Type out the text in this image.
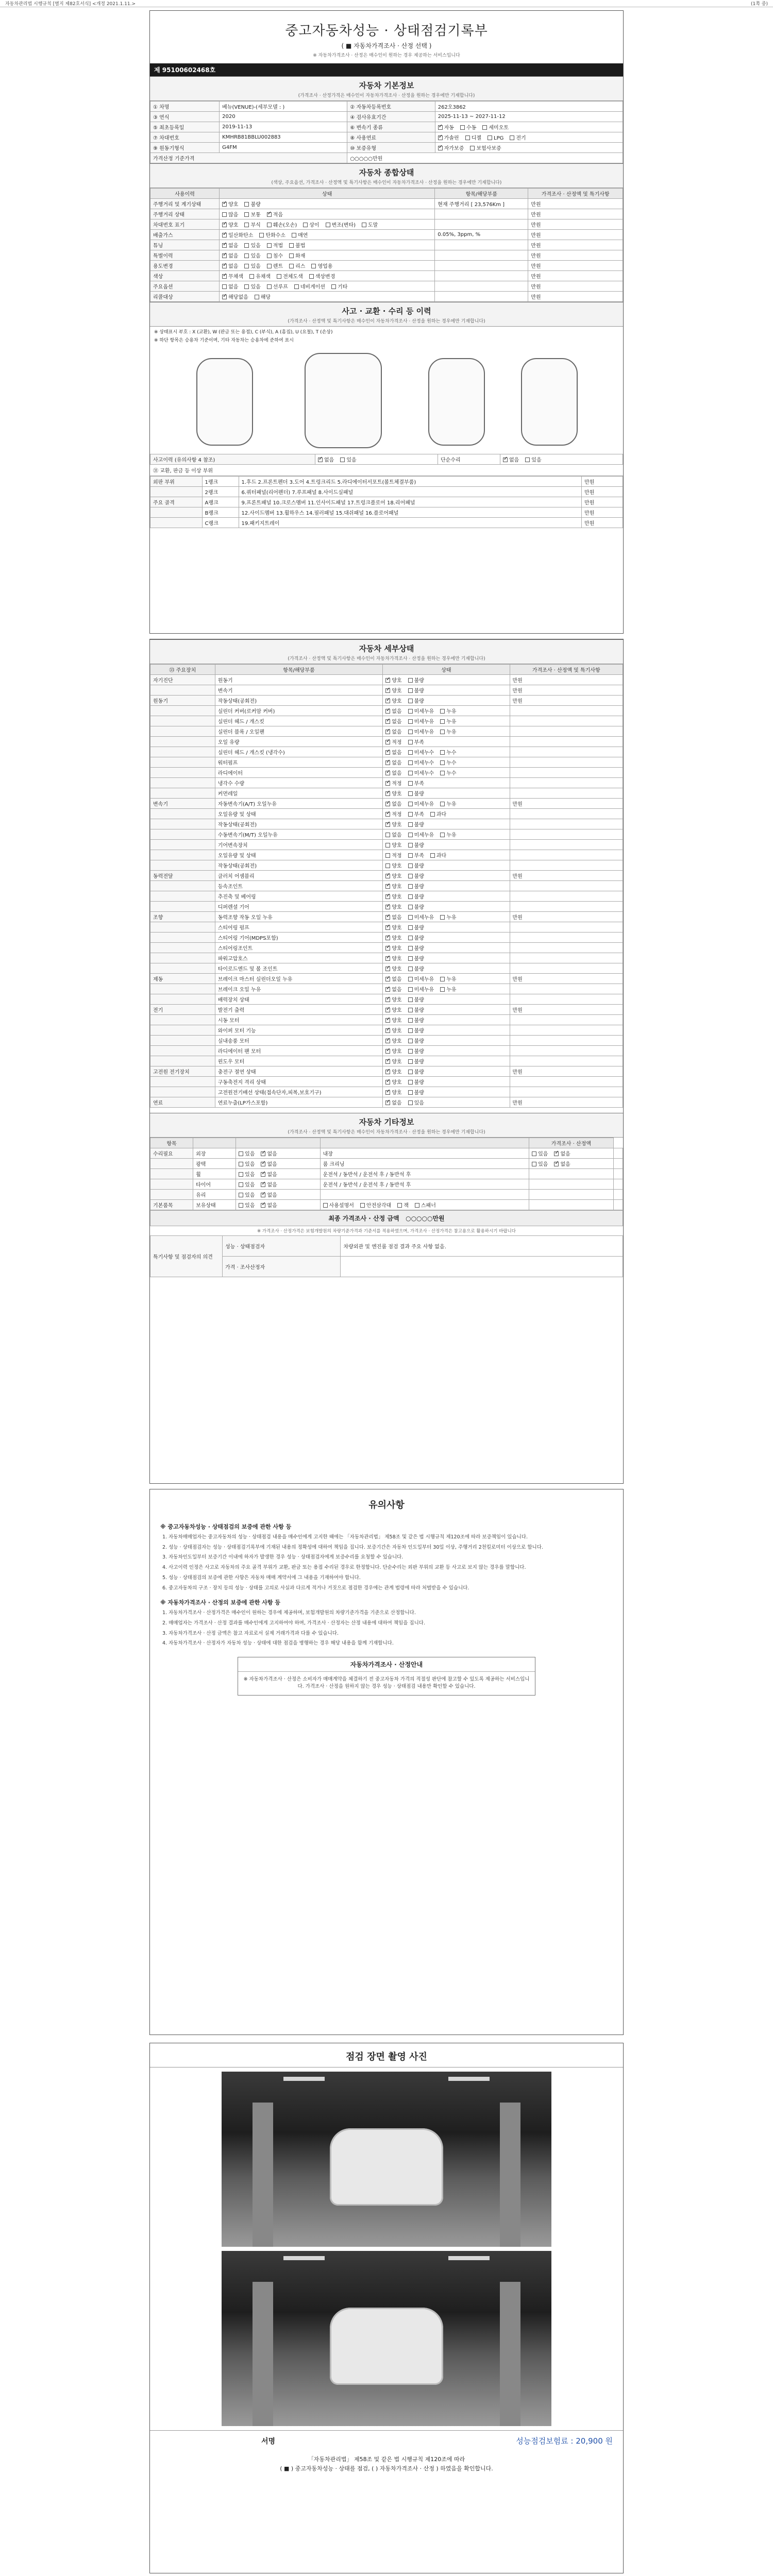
자동차관리법 시행규칙 [별지 제82호서식] <개정 2021.1.11.>	(1쪽 중)
중고자동차성능 · 상태점검기록부
( ■ 자동차가격조사 · 산정 선택 )
※ 자동차가격조사 · 산정은 매수인이 원하는 경우 제공하는 서비스입니다
제 95100602468호
자동차 기본정보
(가격조사 · 산정가격은 매수인이 자동차가격조사 · 산정을 원하는 경우에만 기재합니다)
① 차명	베뉴(VENUE)-(세부모델 : )	② 자동차등록번호	262오3862
③ 연식	2020	④ 검사유효기간	2025-11-13 ~ 2027-11-12
⑤ 최초등록일	2019-11-13	⑥ 변속기 종류	✓자동 수동 세미오토
⑦ 차대번호	KMHRB81BBLU002883	⑧ 사용연료	✓가솔린 디젤 LPG 전기
⑨ 원동기형식	G4FM	⑩ 보증유형	✓자가보증 보험사보증
가격산정 기준가격		○○○○○만원	
자동차 종합상태
(색상, 주요옵션, 가격조사 · 산정액 및 특기사항은 매수인이 자동차가격조사 · 산정을 원하는 경우에만 기재합니다)
사용이력	상태	항목/해당부품	가격조사 · 산정액 및 특기사항
주행거리 및 계기상태	✓양호 불량	현재 주행거리 [ 23,576Km ]	만원
주행거리 상태	많음 보통 ✓ 적음		만원
차대번호 표기	✓양호 부식 훼손(오손) 상이 변조(변타) 도말		만원
배출가스	✓일산화탄소 탄화수소 매연	0.05%, 3ppm, %	만원
튜닝	✓없음 있음 적법 불법		만원
특별이력	✓없음 있음 침수 화재		만원
용도변경	✓없음 있음 렌트 리스 영업용		만원
색상	✓무채색 유채색 전체도색 색상변경		만원
주요옵션	없음 있음 선루프 네비게이션 기타		만원
리콜대상	✓해당없음 해당		만원
사고 · 교환 · 수리 등 이력
(가격조사 · 산정액 및 특기사항은 매수인이 자동차가격조사 · 산정을 원하는 경우에만 기재합니다)
※ 상태표시 부호 : X (교환), W (판금 또는 용접), C (부식), A (흠집), U (요철), T (손상)
※ 하단 항목은 승용차 기준이며, 기타 자동차는 승용차에 준하여 표시
사고이력 (유의사항 4 참조)	✓없음 있음	단순수리	✓없음 있음
㉛ 교환, 판금 등 이상 부위
외판 부위	1랭크	1.후드 2.프론트펜더 3.도어 4.트렁크리드 5.라디에이터서포트(볼트체결부품)	만원
	2랭크	6.쿼터패널(리어펜더) 7.루프패널 8.사이드실패널	만원
주요 골격	A랭크	9.프론트패널 10.크로스멤버 11.인사이드패널 17.트렁크플로어 18.리어패널	만원
	B랭크	12.사이드멤버 13.휠하우스 14.필러패널 15.대쉬패널 16.플로어패널	만원
	C랭크	19.패키지트레이	만원
자동차 세부상태
(가격조사 · 산정액 및 특기사항은 매수인이 자동차가격조사 · 산정을 원하는 경우에만 기재합니다)
㉝ 주요장치	항목/해당부품	상태	가격조사 · 산정액 및 특기사항
자기진단	원동기	✓양호 불량	만원
	변속기	✓양호 불량	만원
원동기	작동상태(공회전)	✓양호 불량	만원
	실린더 커버(로커암 커버)	✓없음 미세누유 누유	
	실린더 헤드 / 개스킷	✓없음 미세누유 누유	
	실린더 블록 / 오일팬	✓없음 미세누유 누유	
	오일 유량	✓적정 부족	
	실린더 헤드 / 개스킷 (냉각수)	✓없음 미세누수 누수	
	워터펌프	✓없음 미세누수 누수	
	라디에이터	✓없음 미세누수 누수	
	냉각수 수량	✓적정 부족	
	커먼레일	✓양호 불량	
변속기	자동변속기(A/T) 오일누유	✓없음 미세누유 누유	만원
	오일유량 및 상태	✓적정 부족 과다	
	작동상태(공회전)	✓양호 불량	
	수동변속기(M/T) 오일누유	없음 미세누유 누유	
	기어변속장치	양호 불량	
	오일유량 및 상태	적정 부족 과다	
	작동상태(공회전)	양호 불량	
동력전달	클러치 어셈블리	✓양호 불량	만원
	등속조인트	✓양호 불량	
	추진축 및 베어링	✓양호 불량	
	디퍼렌셜 기어	✓양호 불량	
조향	동력조향 작동 오일 누유	✓없음 미세누유 누유	만원
	스티어링 펌프	✓양호 불량	
	스티어링 기어(MDPS포함)	✓양호 불량	
	스티어링조인트	✓양호 불량	
	파워고압호스	✓양호 불량	
	타이로드엔드 및 볼 조인트	✓양호 불량	
제동	브레이크 마스터 실린더오일 누유	✓없음 미세누유 누유	만원
	브레이크 오일 누유	✓없음 미세누유 누유	
	배력장치 상태	✓양호 불량	
전기	발전기 출력	✓양호 불량	만원
	시동 모터	✓양호 불량	
	와이퍼 모터 기능	✓양호 불량	
	실내송풍 모터	✓양호 불량	
	라디에이터 팬 모터	✓양호 불량	
	윈도우 모터	✓양호 불량	
고전원 전기장치	충전구 절연 상태	✓양호 불량	만원
	구동축전지 격리 상태	✓양호 불량	
	고전원전기배선 상태(접속단자,피복,보호기구)	✓양호 불량	
연료	연료누출(LP가스포함)	✓없음 있음	만원
자동차 기타정보
(가격조사 · 산정액 및 특기사항은 매수인이 자동차가격조사 · 산정을 원하는 경우에만 기재합니다)
항목				가격조사 · 산정액	
수리필요	외장	있음 ✓ 없음	내장	있음 ✓ 없음	
	광택	있음 ✓ 없음	룸 크리닝	있음 ✓ 없음	
	휠	있음 ✓ 없음	운전석 / 동반석 / 운전석 후 / 동반석 후		
	타이어	있음 ✓ 없음	운전석 / 동반석 / 운전석 후 / 동반석 후		
	유리	있음 ✓ 없음			
기본품목	보유상태	있음 ✓ 없음	사용설명서 안전삼각대 잭 스패너		
최종 가격조사 · 산정 금액 ○○○○○만원
※ 가격조사 · 산정가격은 보험개발원의 차량기준가격과 기준서를 적용하였으며, 가격조사 · 산정가격은 참고용으로 활용하시기 바랍니다
특기사항 및 점검자의 의견	성능 · 상태점검자	차량외관 및 엔진룸 점검 결과 주요 사항 없음.
	가격 · 조사산정자	
유의사항
※ 중고자동차성능 · 상태점검의 보증에 관한 사항 등

1. 자동차매매업자는 중고자동차의 성능 · 상태점검 내용을 매수인에게 고지한 때에는 「자동차관리법」 제58조 및 같은 법 시행규칙 제120조에 따라 보증책임이 있습니다.

2. 성능 · 상태점검자는 성능 · 상태점검기록부에 기재된 내용의 정확성에 대하여 책임을 집니다. 보증기간은 자동차 인도일부터 30일 이상, 주행거리 2천킬로미터 이상으로 합니다.

3. 자동차인도일부터 보증기간 이내에 하자가 발생한 경우 성능 · 상태점검자에게 보증수리를 요청할 수 있습니다.

4. 사고이력 인정은 사고로 자동차의 주요 골격 부위가 교환, 판금 또는 용접 수리된 경우로 한정합니다. 단순수리는 외판 부위의 교환 등 사고로 보지 않는 경우를 말합니다.

5. 성능 · 상태점검의 보증에 관한 사항은 자동차 매매 계약서에 그 내용을 기재하여야 합니다.

6. 중고자동차의 구조 · 장치 등의 성능 · 상태를 고의로 사실과 다르게 적거나 거짓으로 점검한 경우에는 관계 법령에 따라 처벌받을 수 있습니다.

※ 자동차가격조사 · 산정의 보증에 관한 사항 등

1. 자동차가격조사 · 산정가격은 매수인이 원하는 경우에 제공하며, 보험개발원의 차량기준가격을 기준으로 산정합니다.

2. 매매업자는 가격조사 · 산정 결과를 매수인에게 고지하여야 하며, 가격조사 · 산정자는 산정 내용에 대하여 책임을 집니다.

3. 자동차가격조사 · 산정 금액은 참고 자료로서 실제 거래가격과 다를 수 있습니다.

4. 자동차가격조사 · 산정자가 자동차 성능 · 상태에 대한 점검을 병행하는 경우 해당 내용을 함께 기재합니다.

자동차가격조사 · 산정안내
※ 자동차가격조사 · 산정은 소비자가 매매계약을 체결하기 전 중고자동차 가격의 적절성 판단에 참고할 수 있도록 제공하는 서비스입니다. 가격조사 · 산정을 원하지 않는 경우 성능 · 상태점검 내용만 확인할 수 있습니다.
점검 장면 촬영 사진
서명	성능점검보험료 : 20,900 원
「자동차관리법」 제58조 및 같은 법 시행규칙 제120조에 따라
( ■ ) 중고자동차성능 · 상태를 점검, ( ) 자동차가격조사 · 산정 ) 하였음을 확인합니다.
